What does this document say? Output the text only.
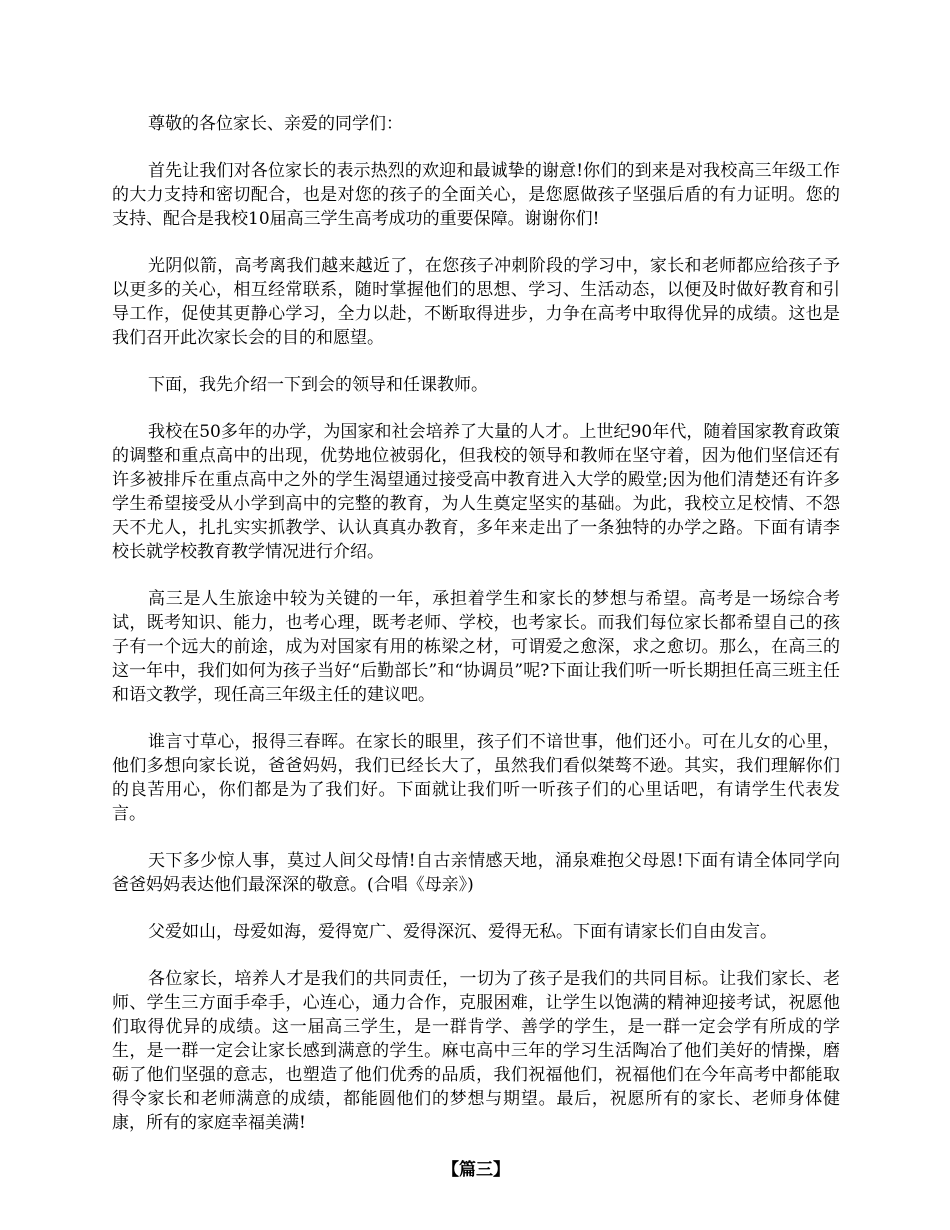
尊敬的各位家长、亲爱的同学们：

首先让我们对各位家长的表示热烈的欢迎和最诚挚的谢意!你们的到来是对我校高三年级工作的大力支持和密切配合，也是对您的孩子的全面关心，是您愿做孩子坚强后盾的有力证明。您的支持、配合是我校10届高三学生高考成功的重要保障。谢谢你们!

光阴似箭，高考离我们越来越近了，在您孩子冲刺阶段的学习中，家长和老师都应给孩子予以更多的关心，相互经常联系，随时掌握他们的思想、学习、生活动态，以便及时做好教育和引导工作，促使其更静心学习，全力以赴，不断取得进步，力争在高考中取得优异的成绩。这也是我们召开此次家长会的目的和愿望。

下面，我先介绍一下到会的领导和任课教师。

我校在50多年的办学，为国家和社会培养了大量的人才。上世纪90年代，随着国家教育政策的调整和重点高中的出现，优势地位被弱化，但我校的领导和教师在坚守着，因为他们坚信还有许多被排斥在重点高中之外的学生渴望通过接受高中教育进入大学的殿堂;因为他们清楚还有许多学生希望接受从小学到高中的完整的教育，为人生奠定坚实的基础。为此，我校立足校情、不怨天不尤人，扎扎实实抓教学、认认真真办教育，多年来走出了一条独特的办学之路。下面有请李校长就学校教育教学情况进行介绍。

高三是人生旅途中较为关键的一年，承担着学生和家长的梦想与希望。高考是一场综合考试，既考知识、能力，也考心理，既考老师、学校，也考家长。而我们每位家长都希望自己的孩子有一个远大的前途，成为对国家有用的栋梁之材，可谓爱之愈深，求之愈切。那么，在高三的这一年中，我们如何为孩子当好“后勤部长”和“协调员”呢?下面让我们听一听长期担任高三班主任和语文教学，现任高三年级主任的建议吧。

谁言寸草心，报得三春晖。在家长的眼里，孩子们不谙世事，他们还小。可在儿女的心里，他们多想向家长说，爸爸妈妈，我们已经长大了，虽然我们看似桀骜不逊。其实，我们理解你们的良苦用心，你们都是为了我们好。下面就让我们听一听孩子们的心里话吧，有请学生代表发言。

天下多少惊人事，莫过人间父母情!自古亲情感天地，涌泉难抱父母恩!下面有请全体同学向爸爸妈妈表达他们最深深的敬意。(合唱《母亲》)

父爱如山，母爱如海，爱得宽广、爱得深沉、爱得无私。下面有请家长们自由发言。

各位家长，培养人才是我们的共同责任，一切为了孩子是我们的共同目标。让我们家长、老师、学生三方面手牵手，心连心，通力合作，克服困难，让学生以饱满的精神迎接考试，祝愿他们取得优异的成绩。这一届高三学生，是一群肯学、善学的学生，是一群一定会学有所成的学生，是一群一定会让家长感到满意的学生。麻屯高中三年的学习生活陶冶了他们美好的情操，磨砺了他们坚强的意志，也塑造了他们优秀的品质，我们祝福他们，祝福他们在今年高考中都能取得令家长和老师满意的成绩，都能圆他们的梦想与期望。最后，祝愿所有的家长、老师身体健康，所有的家庭幸福美满!

【篇三】
